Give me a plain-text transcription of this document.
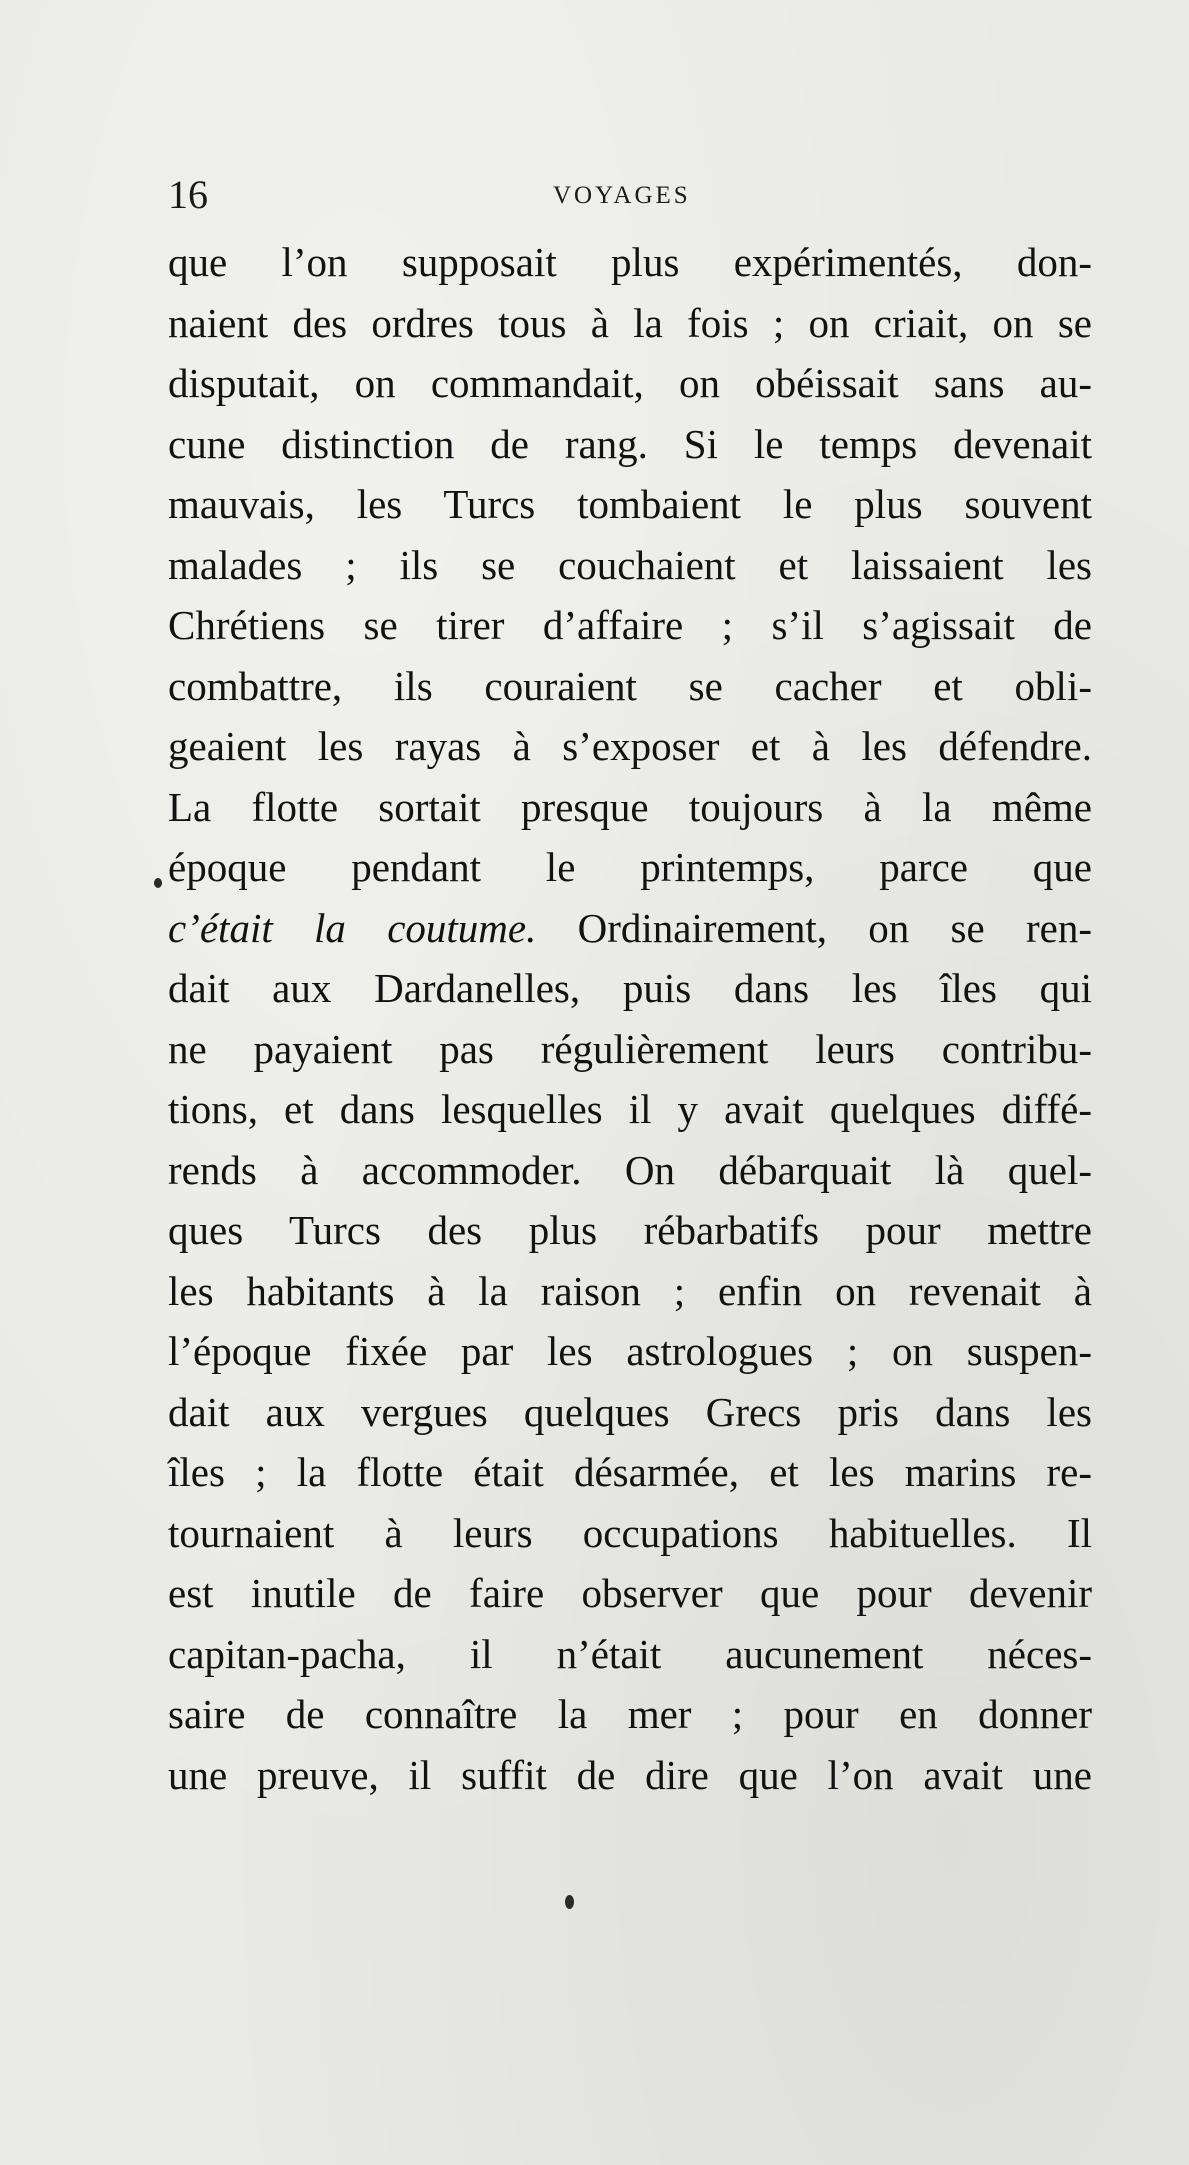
16	VOYAGES
que l’on supposait plus expérimentés, don-
naient des ordres tous à la fois ; on criait, on se
disputait, on commandait, on obéissait sans au-
cune distinction de rang. Si le temps devenait
mauvais, les Turcs tombaient le plus souvent
malades ; ils se couchaient et laissaient les
Chrétiens se tirer d’affaire ; s’il s’agissait de
combattre, ils couraient se cacher et obli-
geaient les rayas à s’exposer et à les défendre.
La flotte sortait presque toujours à la même
époque pendant le printemps, parce que
c’était la coutume. Ordinairement, on se ren-
dait aux Dardanelles, puis dans les îles qui
ne payaient pas régulièrement leurs contribu-
tions, et dans lesquelles il y avait quelques diffé-
rends à accommoder. On débarquait là quel-
ques Turcs des plus rébarbatifs pour mettre
les habitants à la raison ; enfin on revenait à
l’époque fixée par les astrologues ; on suspen-
dait aux vergues quelques Grecs pris dans les
îles ; la flotte était désarmée, et les marins re-
tournaient à leurs occupations habituelles. Il
est inutile de faire observer que pour devenir
capitan-pacha, il n’était aucunement néces-
saire de connaître la mer ; pour en donner
une preuve, il suffit de dire que l’on avait une
